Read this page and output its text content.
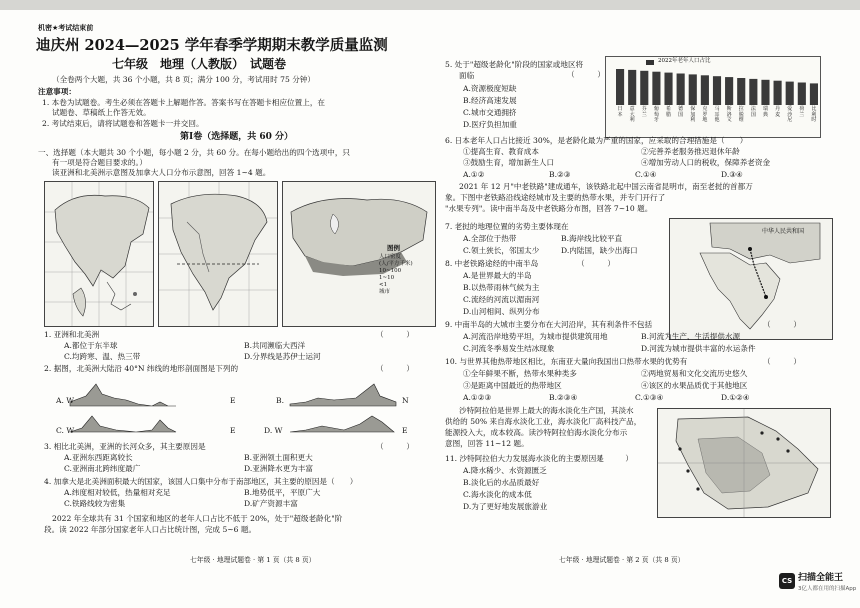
机密★考试结束前
迪庆州 2024—2025 学年春季学期期末教学质量监测
七年级　地理（人教版）　试题卷
（全卷两个大题，共 36 个小题，共 8 页；满分 100 分，考试用时 75 分钟）
注意事项：
1. 本卷为试题卷。考生必须在答题卡上解题作答。答案书写在答题卡相应位置上，在
试题卷、草稿纸上作答无效。
2. 考试结束后，请将试题卷和答题卡一并交回。
第Ⅰ卷（选择题，共 60 分）
一、选择题（本大题共 30 个小题，每小题 2 分，共 60 分。在每小题给出的四个选项中，只
有一项是符合题目要求的。）
读亚洲和北美洲示意图及加拿大人口分布示意图，回答 1~4 题。
图例
人口密度
(人/平方千米)
10~100
1~10
<1
城市
1. 亚洲和北美洲	（　　　）
A.都位于东半球	B.共同濒临大西洋
C.均跨寒、温、热三带	D.分界线是苏伊士运河
2. 据图，北美洲大陆沿 40°N 纬线的地形剖面图是下列的	（　　　）
A. W	E	B.	N
C. W	E	D. W	E
3. 相比北美洲，亚洲的长河众多，其主要原因是	（　　　）
A.亚洲东西距离较长	B.亚洲领土面积更大
C.亚洲南北跨纬度最广	D.亚洲降水更为丰富
4. 加拿大是北美洲面积最大的国家，该国人口集中分布于南部地区，其主要的原因是（　　）
A.纬度相对较低，热量相对充足	B.地势低平，平原广大
C.铁路线较为密集	D.矿产资源丰富
2022 年全球共有 31 个国家和地区的老年人口占比不低于 20%，处于"超级老龄化"阶
段。读 2022 年部分国家老年人口占比统计图，完成 5~6 题。
七年级 · 地理试题卷 · 第 1 页（共 8 页）
5. 处于"超级老龄化"阶段的国家或地区将
（　　　）
面临
A.资源极度短缺
B.经济高速发展
C.城市交通拥挤
D.医疗负担加重
2022年老年人口占比
日本
意大利
芬兰
葡萄牙
希腊
德国
保加利
克罗地
马耳他
斯洛文
拉脱维
法国
瑞典
丹麦
爱沙尼
荷兰
比利时
6. 日本老年人口占比接近 30%，是老龄化最为严重的国家，应采取的合理措施是（　　）
①提高生育、教育成本	②完善养老服务推迟退休年龄
③鼓励生育，增加新生人口	④增加劳动人口的税收，保障养老资金
A.①②	B.②③	C.①④	D.③④
2021 年 12 月"中老铁路"建成通车，该铁路北起中国云南省昆明市，南至老挝的首都万
象。下图中老铁路沿线途经城市及主要的热带水果，并专门开行了
"水果专列"。读中南半岛及中老铁路分布图，回答 7~10 题。
中华人民共和国
7. 老挝的地理位置的劣势主要体现在
A.全部位于热带	B.海岸线比较平直
C.领土狭长，邻国太少	D.内陆国，缺少出海口
8. 中老铁路途经的中南半岛	（　　　）
A.是世界最大的半岛
B.以热带雨林气候为主
C.流经的河流以湄南河
D.山河相间、纵列分布
9. 中南半岛的大城市主要分布在大河沿岸，其有利条件不包括	（　　　）
A.河流沿岸地势平坦，为城市提供建筑用地	B.河流为生产、生活提供水源
C.河流冬季易发生结冰现象	D.河流为城市提供丰富的水运条件
10. 与世界其他热带地区相比，东南亚大量向我国出口热带水果的优势有	（　　　）
①全年鲜果不断，热带水果种类多	②两地贸易和文化交流历史悠久
③是距离中国最近的热带地区	④该区的水果品质优于其他地区
A.①②③	B.②③④	C.①③④	D.①②④
沙特阿拉伯是世界上最大的海水淡化生产国，其淡水
供给的 50% 来自海水淡化工业，海水淡化厂高科技产品，
能源投入大，成本较高。读沙特阿拉伯海水淡化分布示
意图，回答 11~12 题。
11. 沙特阿拉伯大力发展海水淡化的主要原因是
（　　　）
A.降水稀少、水资源匮乏
B.淡化后的水品质最好
C.海水淡化的成本低
D.为了更好地发展旅游业
七年级 · 地理试题卷 · 第 2 页（共 8 页）
CS 扫描全能王
3亿人都在用的扫描App
